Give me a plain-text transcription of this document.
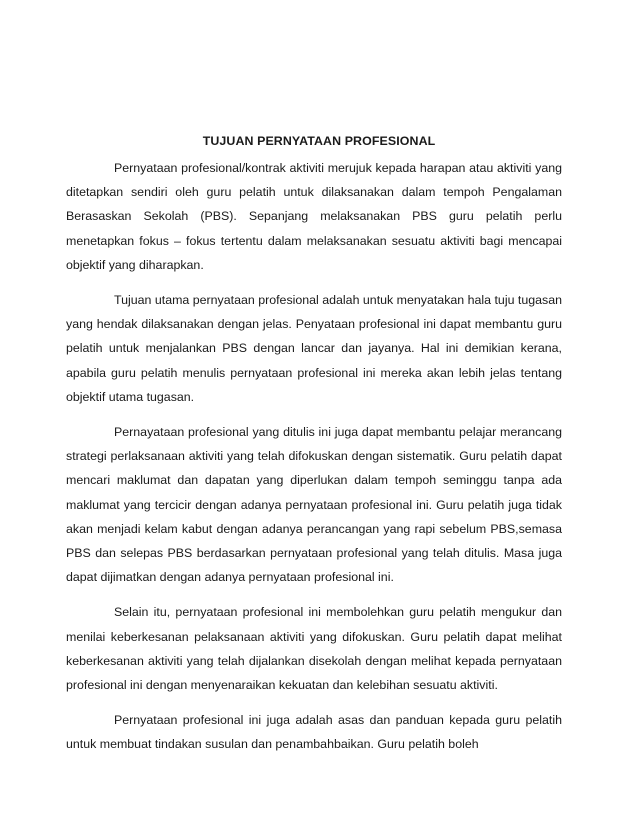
TUJUAN PERNYATAAN PROFESIONAL

Pernyataan profesional/kontrak aktiviti merujuk kepada harapan atau aktiviti yang ditetapkan sendiri oleh guru pelatih untuk dilaksanakan dalam tempoh Pengalaman Berasaskan Sekolah (PBS). Sepanjang melaksanakan PBS guru pelatih perlu menetapkan fokus – fokus tertentu dalam melaksanakan sesuatu aktiviti bagi mencapai objektif yang diharapkan.

Tujuan utama pernyataan profesional adalah untuk menyatakan hala tuju tugasan yang hendak dilaksanakan dengan jelas. Penyataan profesional ini dapat membantu guru pelatih untuk menjalankan PBS dengan lancar dan jayanya. Hal ini demikian kerana, apabila guru pelatih menulis pernyataan profesional ini mereka akan lebih jelas tentang objektif utama tugasan.

Pernayataan profesional yang ditulis ini juga dapat membantu pelajar merancang strategi perlaksanaan aktiviti yang telah difokuskan dengan sistematik. Guru pelatih dapat mencari maklumat dan dapatan yang diperlukan dalam tempoh seminggu tanpa ada maklumat yang tercicir dengan adanya pernyataan profesional ini. Guru pelatih juga tidak akan menjadi kelam kabut dengan adanya perancangan yang rapi sebelum PBS,semasa PBS dan selepas PBS berdasarkan pernyataan profesional yang telah ditulis. Masa juga dapat dijimatkan dengan adanya pernyataan profesional ini.

Selain itu, pernyataan profesional ini membolehkan guru pelatih mengukur dan menilai keberkesanan pelaksanaan aktiviti yang difokuskan. Guru pelatih dapat melihat keberkesanan aktiviti yang telah dijalankan disekolah dengan melihat kepada pernyataan profesional ini dengan menyenaraikan kekuatan dan kelebihan sesuatu aktiviti.

Pernyataan profesional ini juga adalah asas dan panduan kepada guru pelatih untuk membuat tindakan susulan dan penambahbaikan. Guru pelatih boleh
